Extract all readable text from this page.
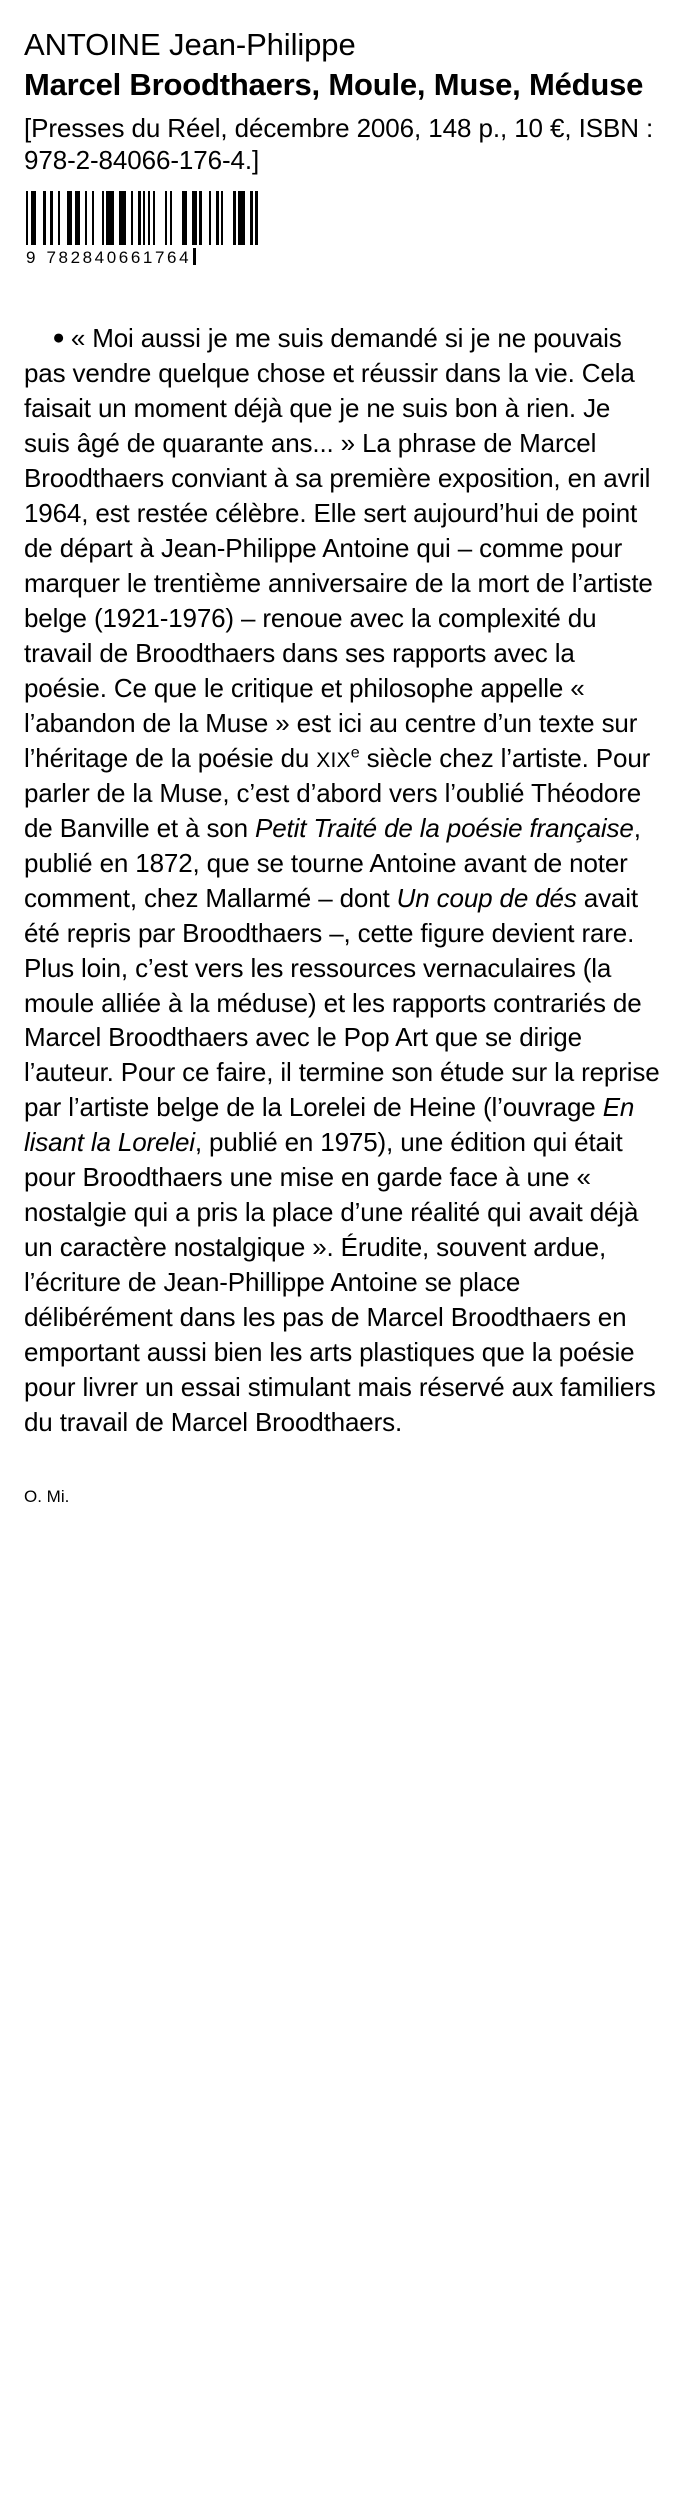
ANTOINE Jean-Philippe
Marcel Broodthaers, Moule, Muse, Méduse
[Presses du Réel, décembre 2006, 148 p., 10 €, ISBN : 978-2-84066-176-4.]
9 782840661764

● « Moi aussi je me suis demandé si je ne pouvais pas vendre quelque chose et réussir dans la vie. Cela faisait un moment déjà que je ne suis bon à rien. Je suis âgé de quarante ans... » La phrase de Marcel Broodthaers conviant à sa première exposition, en avril 1964, est restée célèbre. Elle sert aujourd’hui de point de départ à Jean-Philippe Antoine qui – comme pour marquer le trentième anniversaire de la mort de l’artiste belge (1921-1976) – renoue avec la complexité du travail de Broodthaers dans ses rapports avec la poésie. Ce que le critique et philosophe appelle « l’abandon de la Muse » est ici au centre d’un texte sur l’héritage de la poésie du XIXe siècle chez l’artiste. Pour parler de la Muse, c’est d’abord vers l’oublié Théodore de Banville et à son Petit Traité de la poésie française, publié en 1872, que se tourne Antoine avant de noter comment, chez Mallarmé – dont Un coup de dés avait été repris par Broodthaers –, cette figure devient rare. Plus loin, c’est vers les ressources vernaculaires (la moule alliée à la méduse) et les rapports contrariés de Marcel Broodthaers avec le Pop Art que se dirige l’auteur. Pour ce faire, il termine son étude sur la reprise par l’artiste belge de la Lorelei de Heine (l’ouvrage En lisant la Lorelei, publié en 1975), une édition qui était pour Broodthaers une mise en garde face à une « nostalgie qui a pris la place d’une réalité qui avait déjà un caractère nostalgique ». Érudite, souvent ardue, l’écriture de Jean-Phillippe Antoine se place délibérément dans les pas de Marcel Broodthaers en emportant aussi bien les arts plastiques que la poésie pour livrer un essai stimulant mais réservé aux familiers du travail de Marcel Broodthaers.

O. Mi.
